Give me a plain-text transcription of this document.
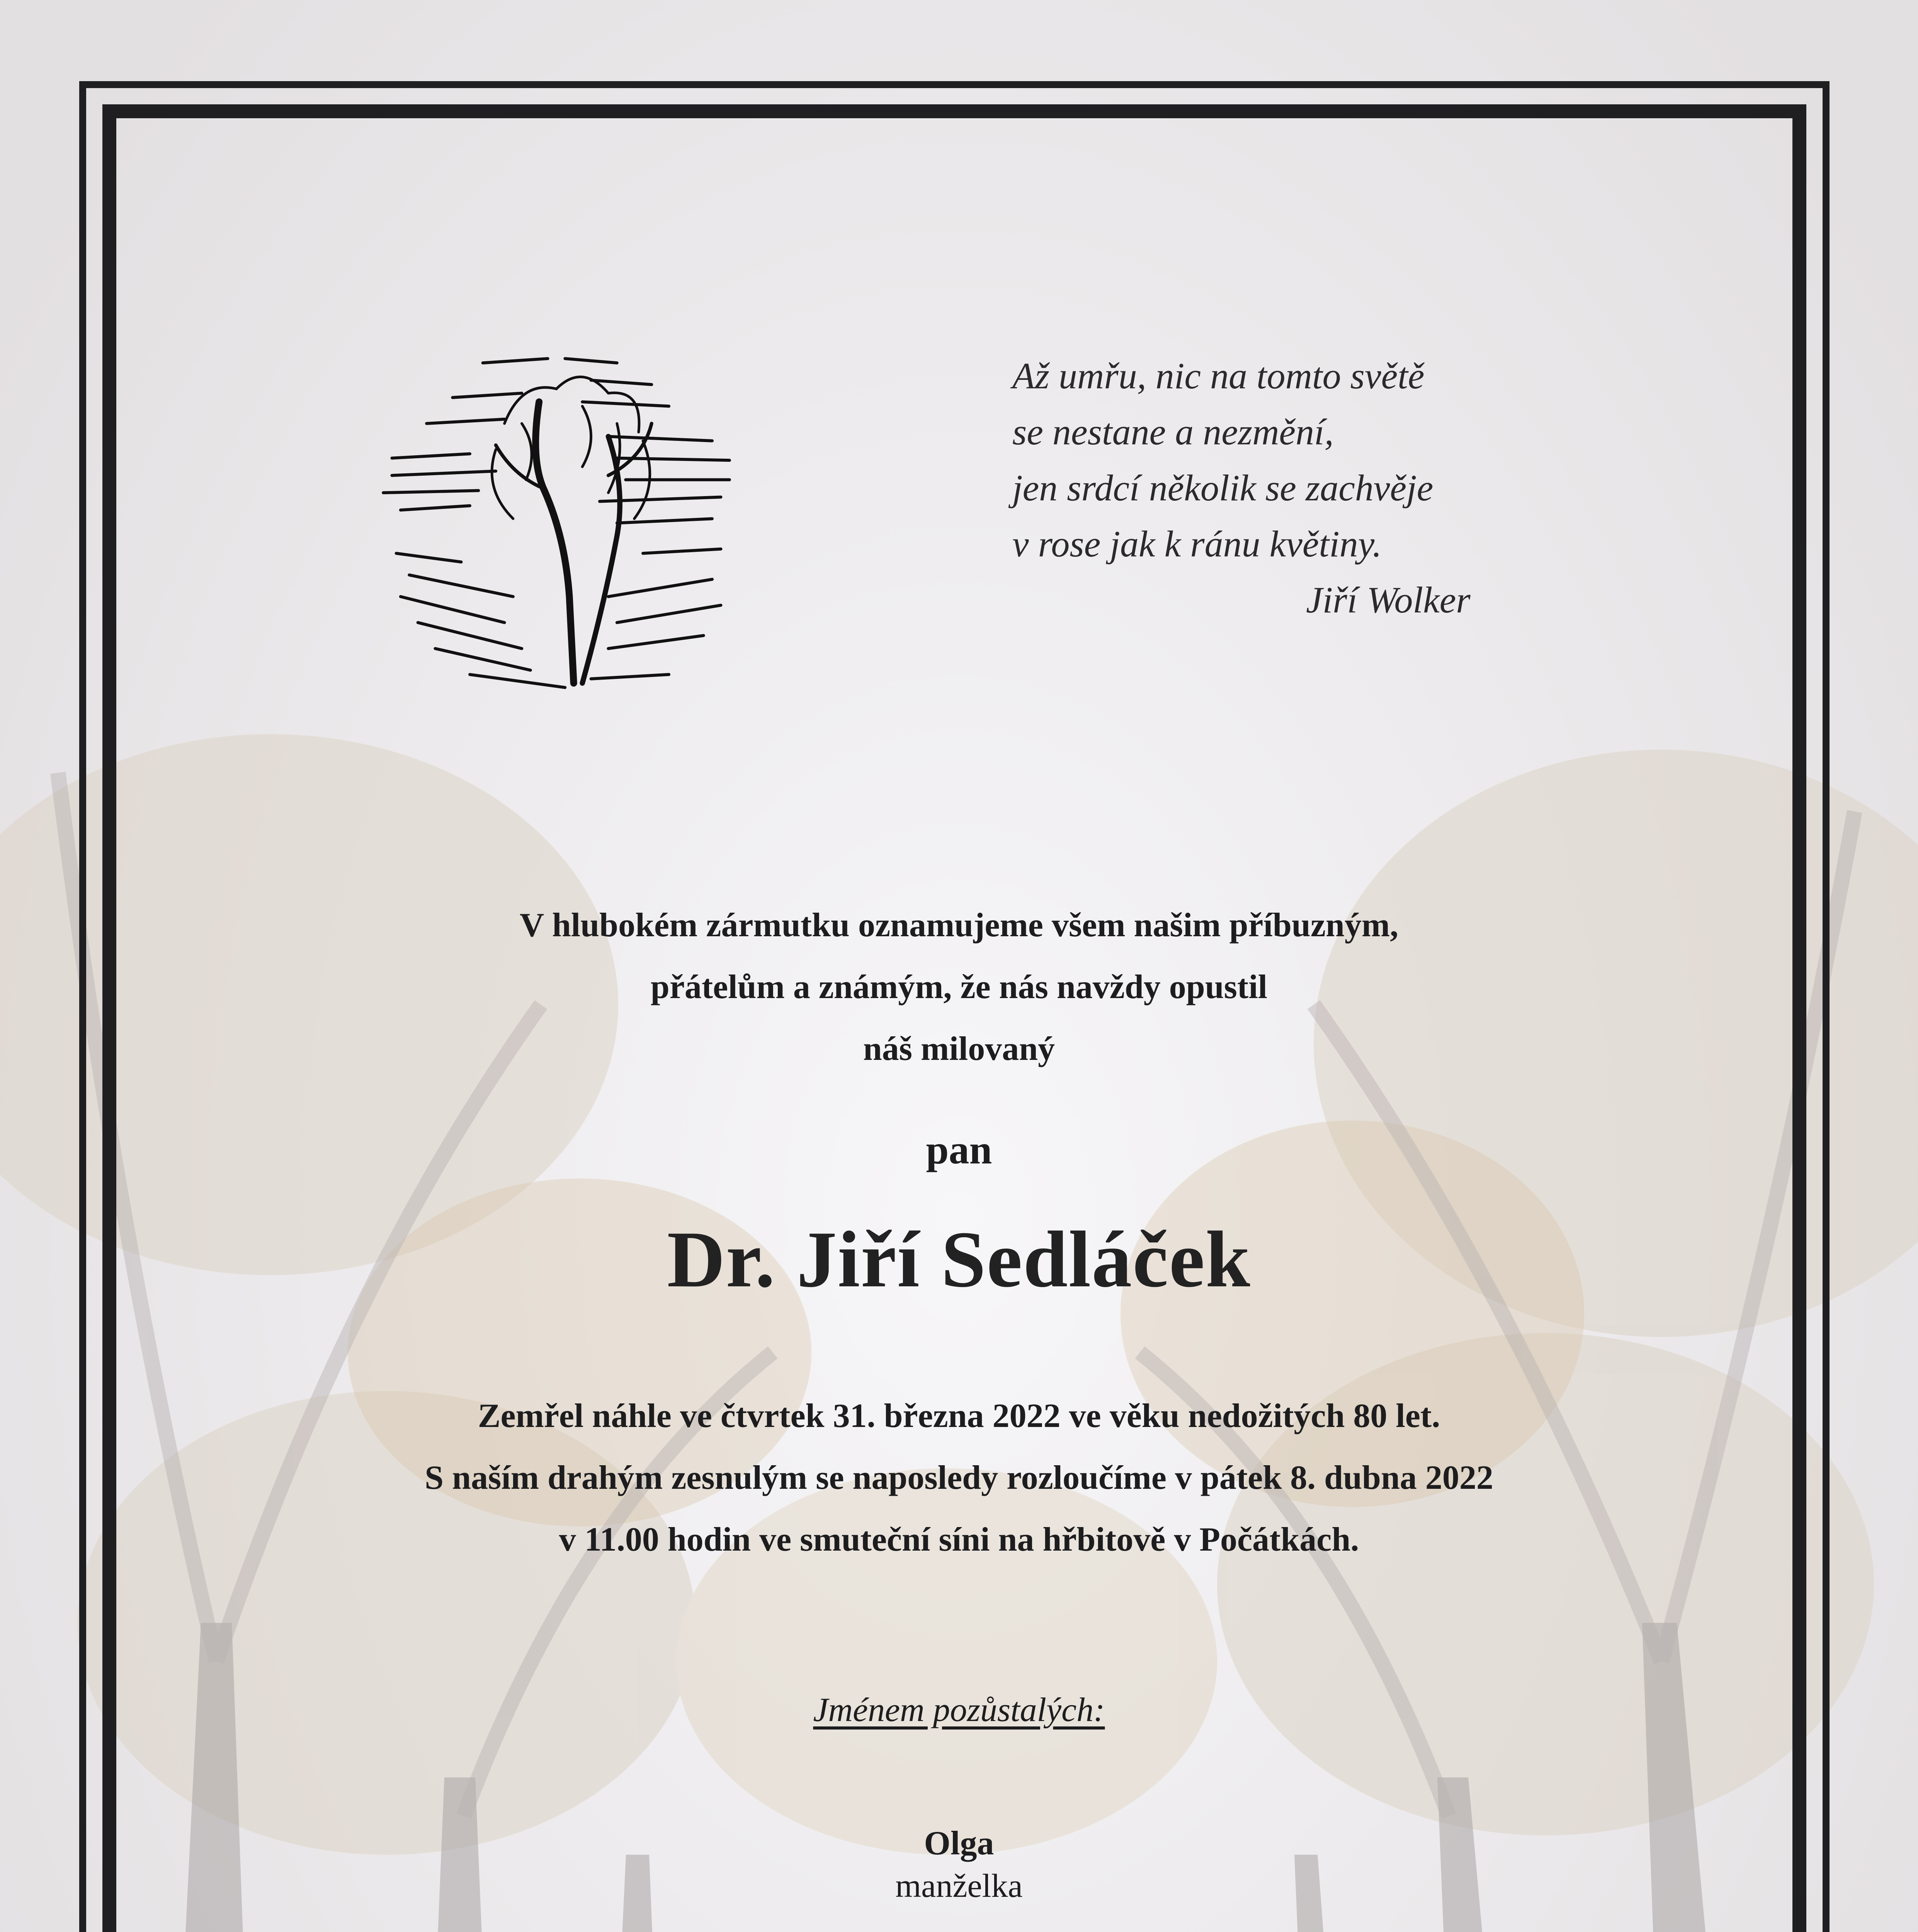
Až umřu, nic na tomto světě
se nestane a nezmění,
jen srdcí několik se zachvěje
v rose jak k ránu květiny.
Jiří Wolker
V hlubokém zármutku oznamujeme všem našim příbuzným,
přátelům a známým, že nás navždy opustil
náš milovaný
pan
Dr. Jiří Sedláček
Zemřel náhle ve čtvrtek 31. března 2022 ve věku nedožitých 80 let.
S naším drahým zesnulým se naposledy rozloučíme v pátek 8. dubna 2022
v 11.00 hodin ve smuteční síni na hřbitově v Počátkách.
Jménem pozůstalých:
Olga
manželka
